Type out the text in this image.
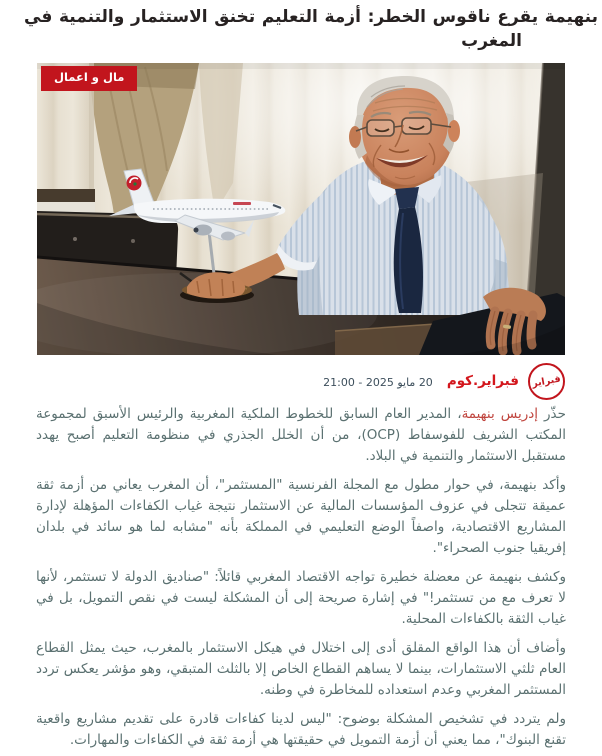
بنهيمة يقرع ناقوس الخطر: أزمة التعليم تخنق الاستثمار والتنمية في
المغرب
مال و اعمال
فبراير
فبراير.كوم
20 مايو 2025 - 21:00

حذّر إدريس بنهيمة، المدير العام السابق للخطوط الملكية المغربية والرئيس الأسبق لمجموعة المكتب الشريف للفوسفاط (OCP)، من أن الخلل الجذري في منظومة التعليم أصبح يهدد مستقبل الاستثمار والتنمية في البلاد.

وأكد بنهيمة، في حوار مطول مع المجلة الفرنسية "المستثمر"، أن المغرب يعاني من أزمة ثقة عميقة تتجلى في عزوف المؤسسات المالية عن الاستثمار نتيجة غياب الكفاءات المؤهلة لإدارة المشاريع الاقتصادية، واصفاً الوضع التعليمي في المملكة بأنه "مشابه لما هو سائد في بلدان إفريقيا جنوب الصحراء".

وكشف بنهيمة عن معضلة خطيرة تواجه الاقتصاد المغربي قائلاً: "صناديق الدولة لا تستثمر، لأنها لا تعرف مع من تستثمر!" في إشارة صريحة إلى أن المشكلة ليست في نقص التمويل، بل في غياب الثقة بالكفاءات المحلية.

وأضاف أن هذا الواقع المقلق أدى إلى اختلال في هيكل الاستثمار بالمغرب، حيث يمثل القطاع العام ثلثي الاستثمارات، بينما لا يساهم القطاع الخاص إلا بالثلث المتبقي، وهو مؤشر يعكس تردد المستثمر المغربي وعدم استعداده للمخاطرة في وطنه.

ولم يتردد في تشخيص المشكلة بوضوح: "ليس لدينا كفاءات قادرة على تقديم مشاريع واقعية تقنع البنوك"، مما يعني أن أزمة التمويل في حقيقتها هي أزمة ثقة في الكفاءات والمهارات.
